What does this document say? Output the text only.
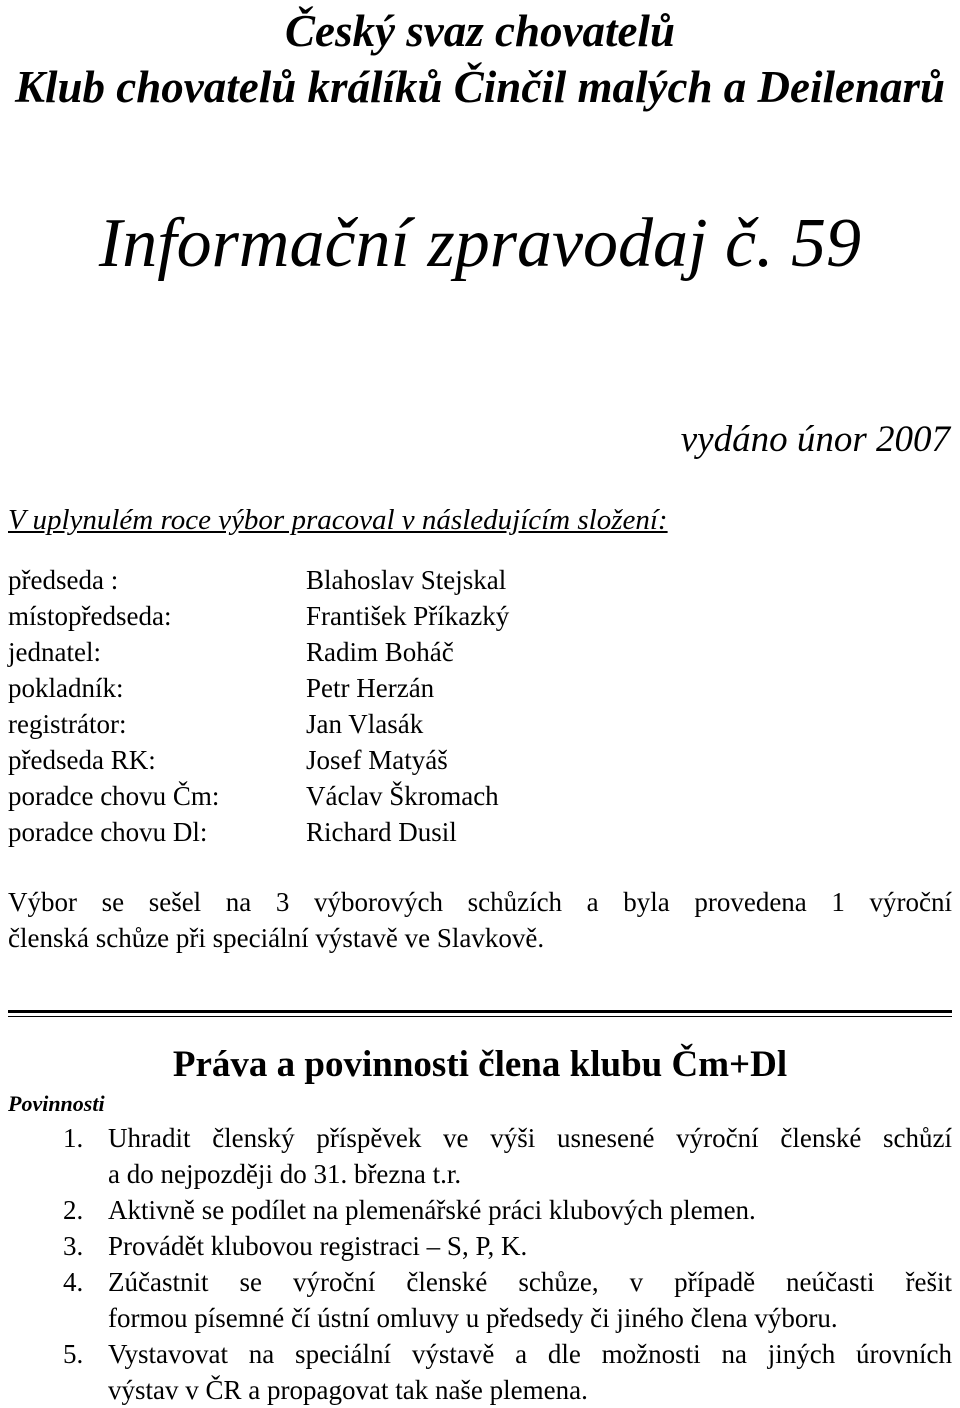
Český svaz chovatelů
Klub chovatelů králíků Činčil malých a Deilenarů
Informační zpravodaj č. 59
vydáno únor 2007
V uplynulém roce výbor pracoval v následujícím složení:
předseda :	Blahoslav Stejskal
místopředseda:	František Příkazký
jednatel:	Radim Boháč
pokladník:	Petr Herzán
registrátor:	Jan Vlasák
předseda RK:	Josef Matyáš
poradce chovu Čm:	Václav Škromach
poradce chovu Dl:	Richard Dusil
Výbor se sešel na 3 výborových schůzích a byla provedena 1 výroční
členská schůze při speciální výstavě ve Slavkově.
Práva a povinnosti člena klubu Čm+Dl
Povinnosti
1. Uhradit členský příspěvek ve výši usnesené výroční členské schůzí
a do nejpozději do 31. března t.r.
2. Aktivně se podílet na plemenářské práci klubových plemen.
3. Provádět klubovou registraci – S, P, K.
4. Zúčastnit se výroční členské schůze, v případě neúčasti řešit
formou písemné čí ústní omluvy u předsedy či jiného člena výboru.
5. Vystavovat na speciální výstavě a dle možnosti na jiných úrovních
výstav v ČR a propagovat tak naše plemena.
